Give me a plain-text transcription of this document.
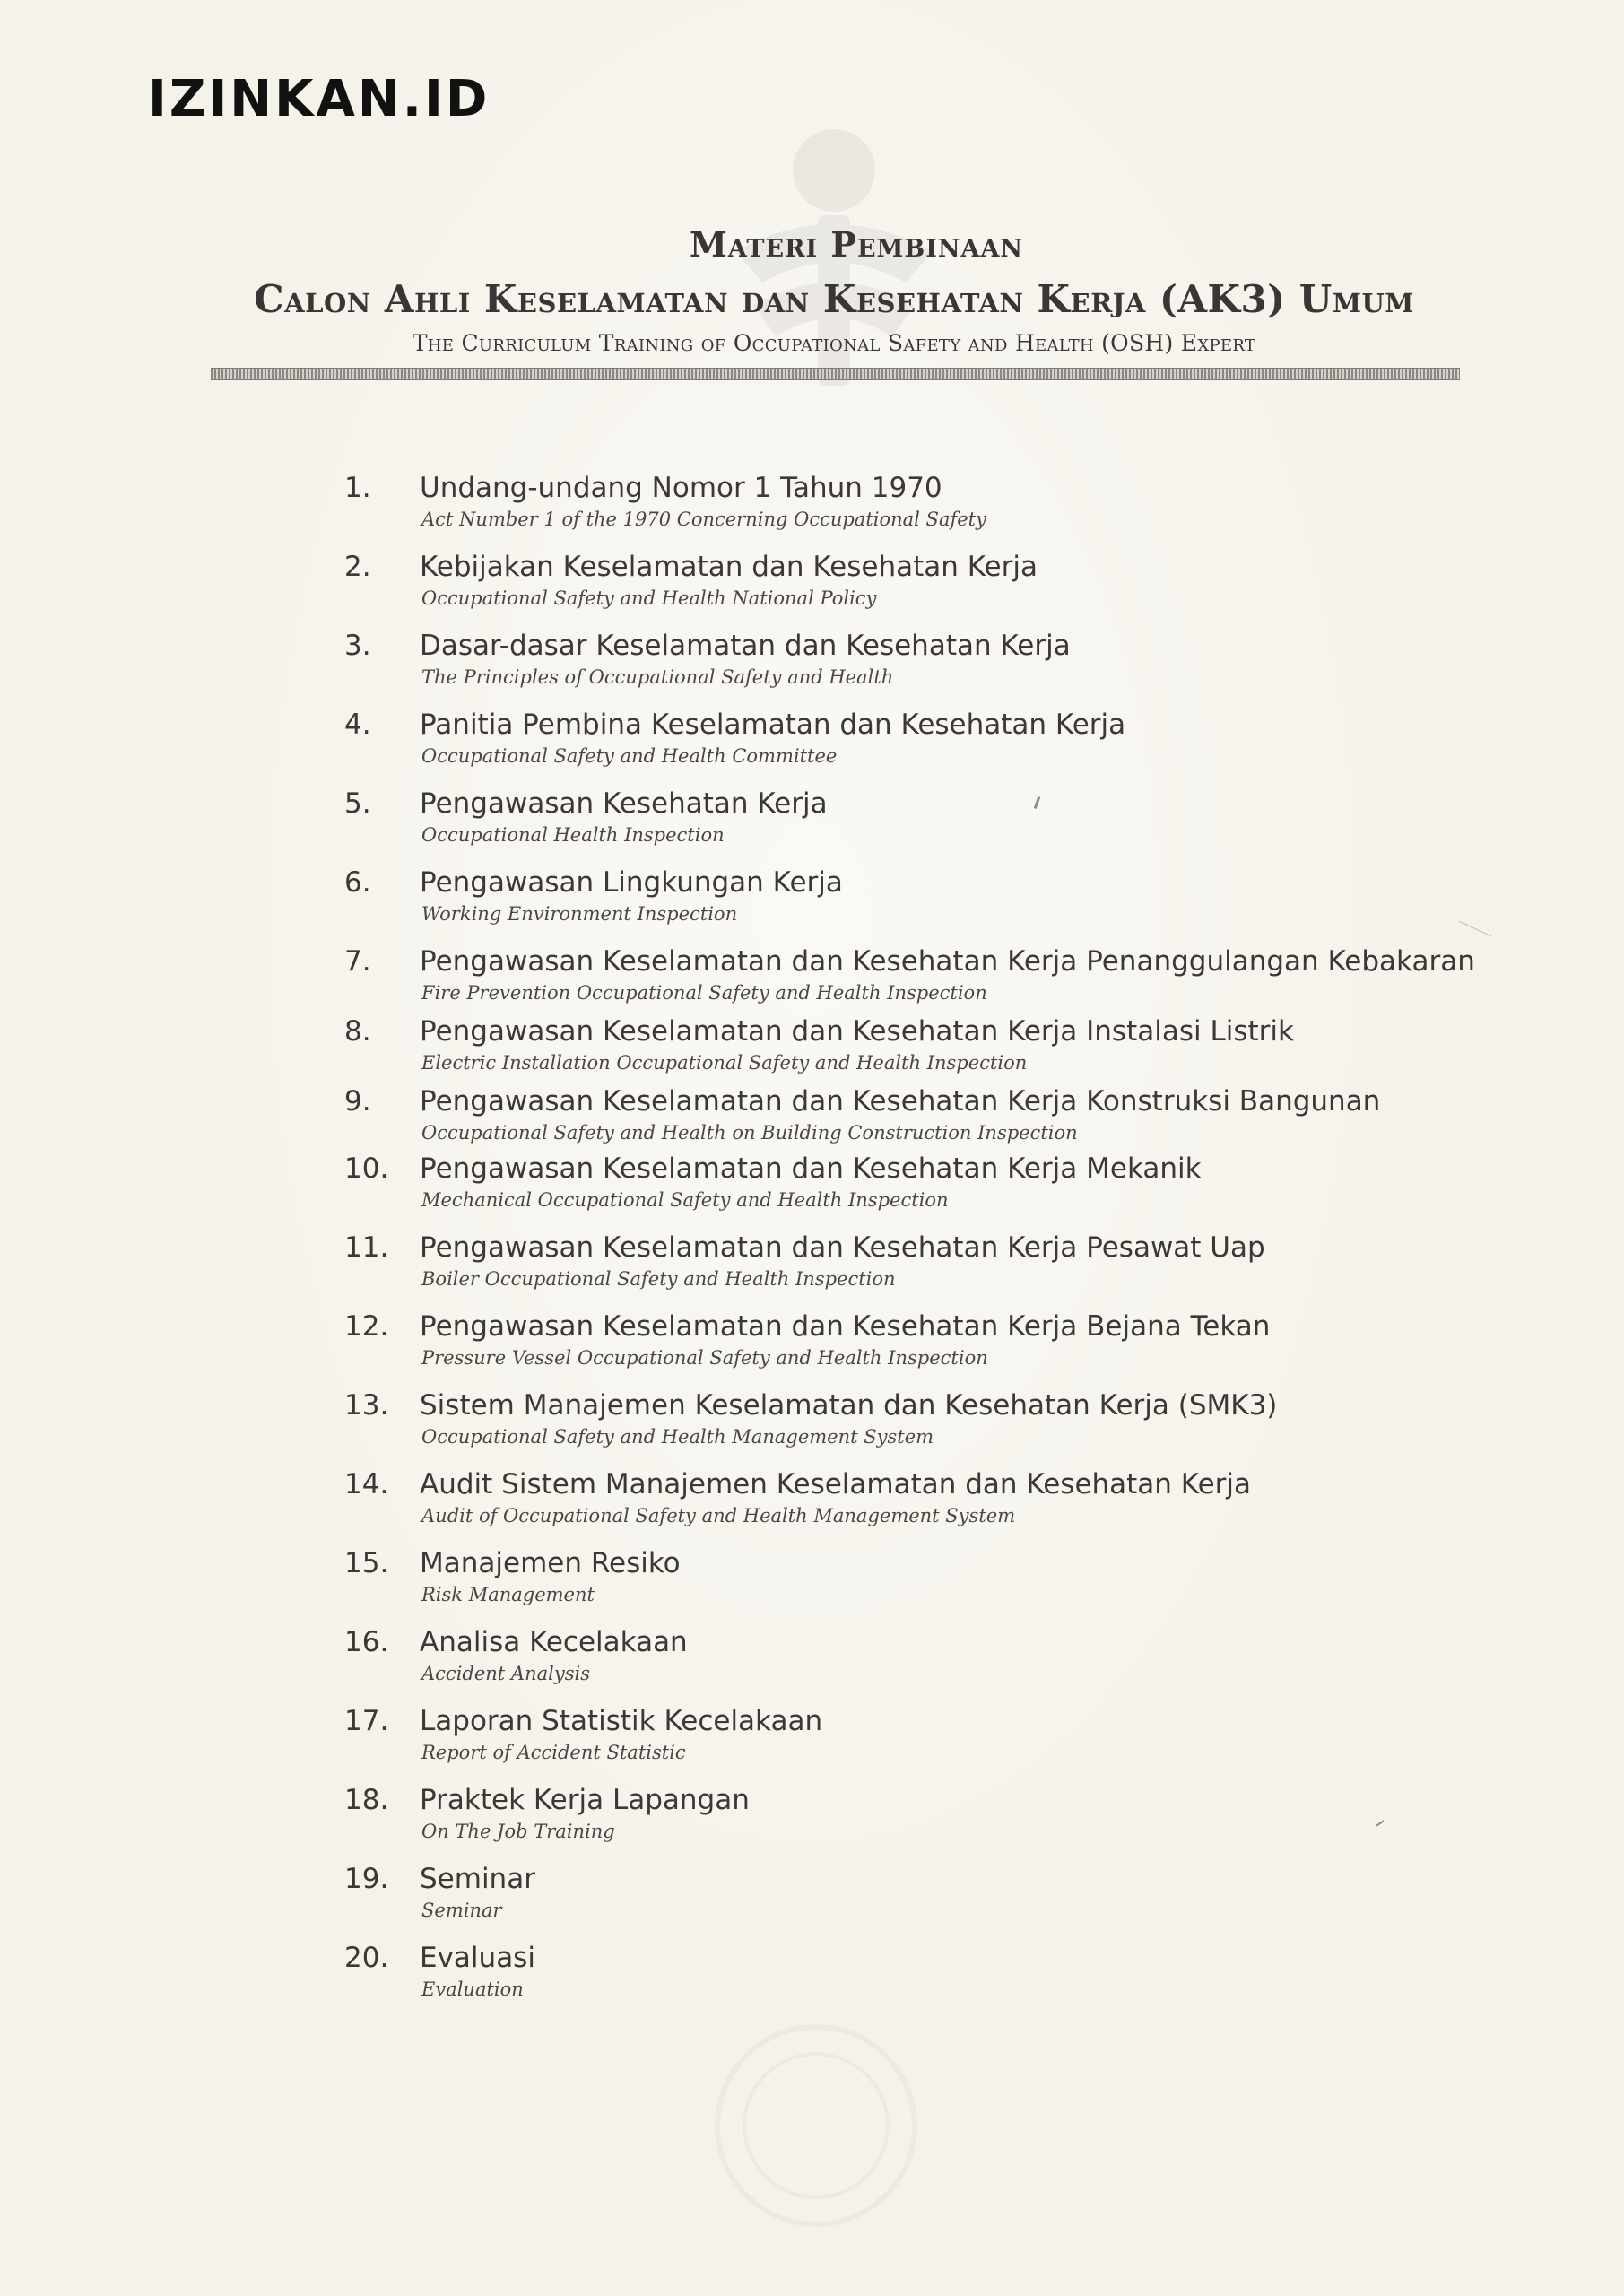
IZINKAN.ID
Materi Pembinaan
Calon Ahli Keselamatan dan Kesehatan Kerja (AK3) Umum
The Curriculum Training of Occupational Safety and Health (OSH) Expert
1.	Undang-undang Nomor 1 Tahun 1970
Act Number 1 of the 1970 Concerning Occupational Safety
2.	Kebijakan Keselamatan dan Kesehatan Kerja
Occupational Safety and Health National Policy
3.	Dasar-dasar Keselamatan dan Kesehatan Kerja
The Principles of Occupational Safety and Health
4.	Panitia Pembina Keselamatan dan Kesehatan Kerja
Occupational Safety and Health Committee
5.	Pengawasan Kesehatan Kerja
Occupational Health Inspection
6.	Pengawasan Lingkungan Kerja
Working Environment Inspection
7.	Pengawasan Keselamatan dan Kesehatan Kerja Penanggulangan Kebakaran
Fire Prevention Occupational Safety and Health Inspection
8.	Pengawasan Keselamatan dan Kesehatan Kerja Instalasi Listrik
Electric Installation Occupational Safety and Health Inspection
9.	Pengawasan Keselamatan dan Kesehatan Kerja Konstruksi Bangunan
Occupational Safety and Health on Building Construction Inspection
10.	Pengawasan Keselamatan dan Kesehatan Kerja Mekanik
Mechanical Occupational Safety and Health Inspection
11.	Pengawasan Keselamatan dan Kesehatan Kerja Pesawat Uap
Boiler Occupational Safety and Health Inspection
12.	Pengawasan Keselamatan dan Kesehatan Kerja Bejana Tekan
Pressure Vessel Occupational Safety and Health Inspection
13.	Sistem Manajemen Keselamatan dan Kesehatan Kerja (SMK3)
Occupational Safety and Health Management System
14.	Audit Sistem Manajemen Keselamatan dan Kesehatan Kerja
Audit of Occupational Safety and Health Management System
15.	Manajemen Resiko
Risk Management
16.	Analisa Kecelakaan
Accident Analysis
17.	Laporan Statistik Kecelakaan
Report of Accident Statistic
18.	Praktek Kerja Lapangan
On The Job Training
19.	Seminar
Seminar
20.	Evaluasi
Evaluation
